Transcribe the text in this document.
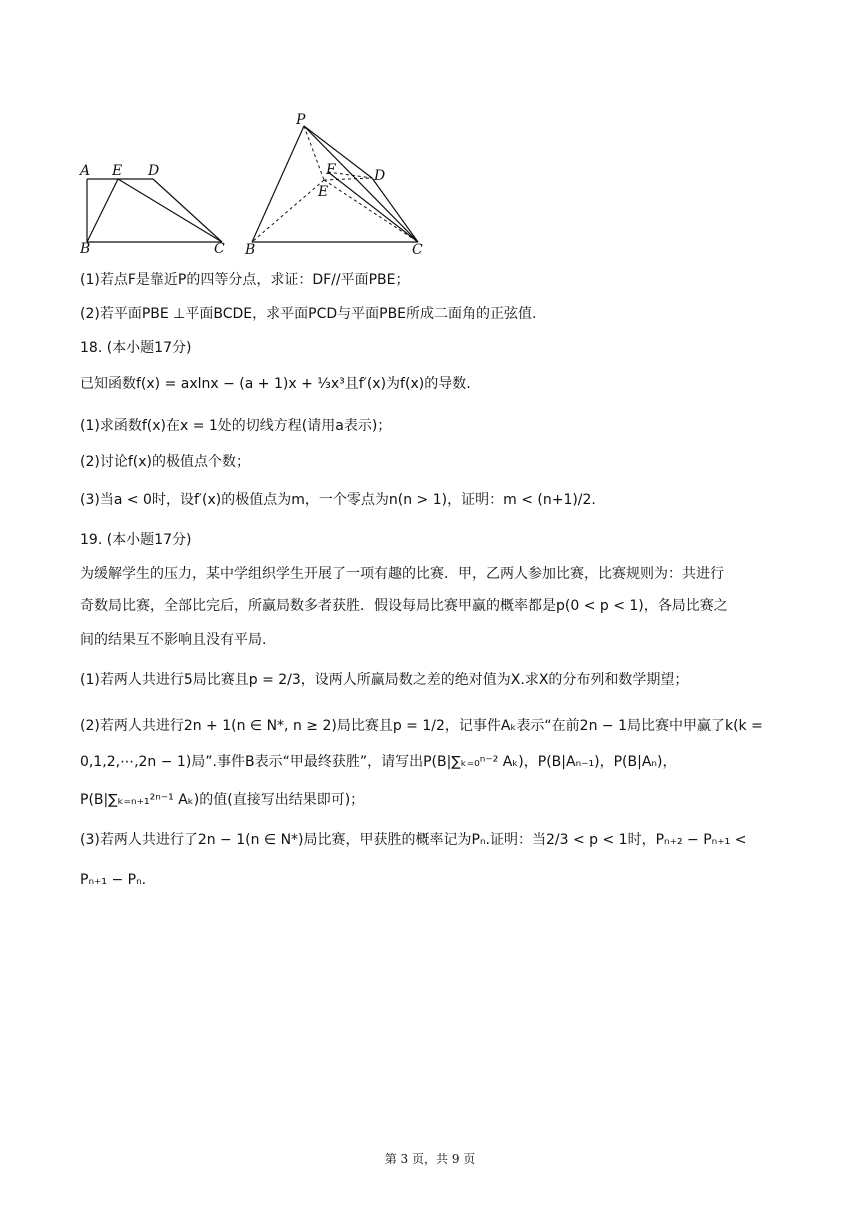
A E D
B	C
P
F	D
E
B	C
(1)若点F是靠近P的四等分点，求证：DF//平面PBE；
(2)若平面PBE ⊥平面BCDE，求平面PCD与平面PBE所成二面角的正弦值.
18. (本小题17分)
已知函数f(x) = axlnx − (a + 1)x + ⅓x³且f′(x)为f(x)的导数.
(1)求函数f(x)在x = 1处的切线方程(请用a表示)；
(2)讨论f(x)的极值点个数；
(3)当a < 0时，设f′(x)的极值点为m，一个零点为n(n > 1)，证明：m < (n+1)/2.
19. (本小题17分)
为缓解学生的压力，某中学组织学生开展了一项有趣的比赛．甲，乙两人参加比赛，比赛规则为：共进行
奇数局比赛，全部比完后，所赢局数多者获胜．假设每局比赛甲赢的概率都是p(0 < p < 1)，各局比赛之
间的结果互不影响且没有平局.
(1)若两人共进行5局比赛且p = 2/3，设两人所赢局数之差的绝对值为X.求X的分布列和数学期望；
(2)若两人共进行2n + 1(n ∈ N*, n ≥ 2)局比赛且p = 1/2，记事件Aₖ表示“在前2n − 1局比赛中甲赢了k(k =
0,1,2,⋯,2n − 1)局”.事件B表示“甲最终获胜”，请写出P(B|∑ₖ₌₀ⁿ⁻² Aₖ)，P(B|Aₙ₋₁)，P(B|Aₙ)，
P(B|∑ₖ₌ₙ₊₁²ⁿ⁻¹ Aₖ)的值(直接写出结果即可)；
(3)若两人共进行了2n − 1(n ∈ N*)局比赛，甲获胜的概率记为Pₙ.证明：当2/3 < p < 1时，Pₙ₊₂ − Pₙ₊₁ <
Pₙ₊₁ − Pₙ.
第 3 页，共 9 页
